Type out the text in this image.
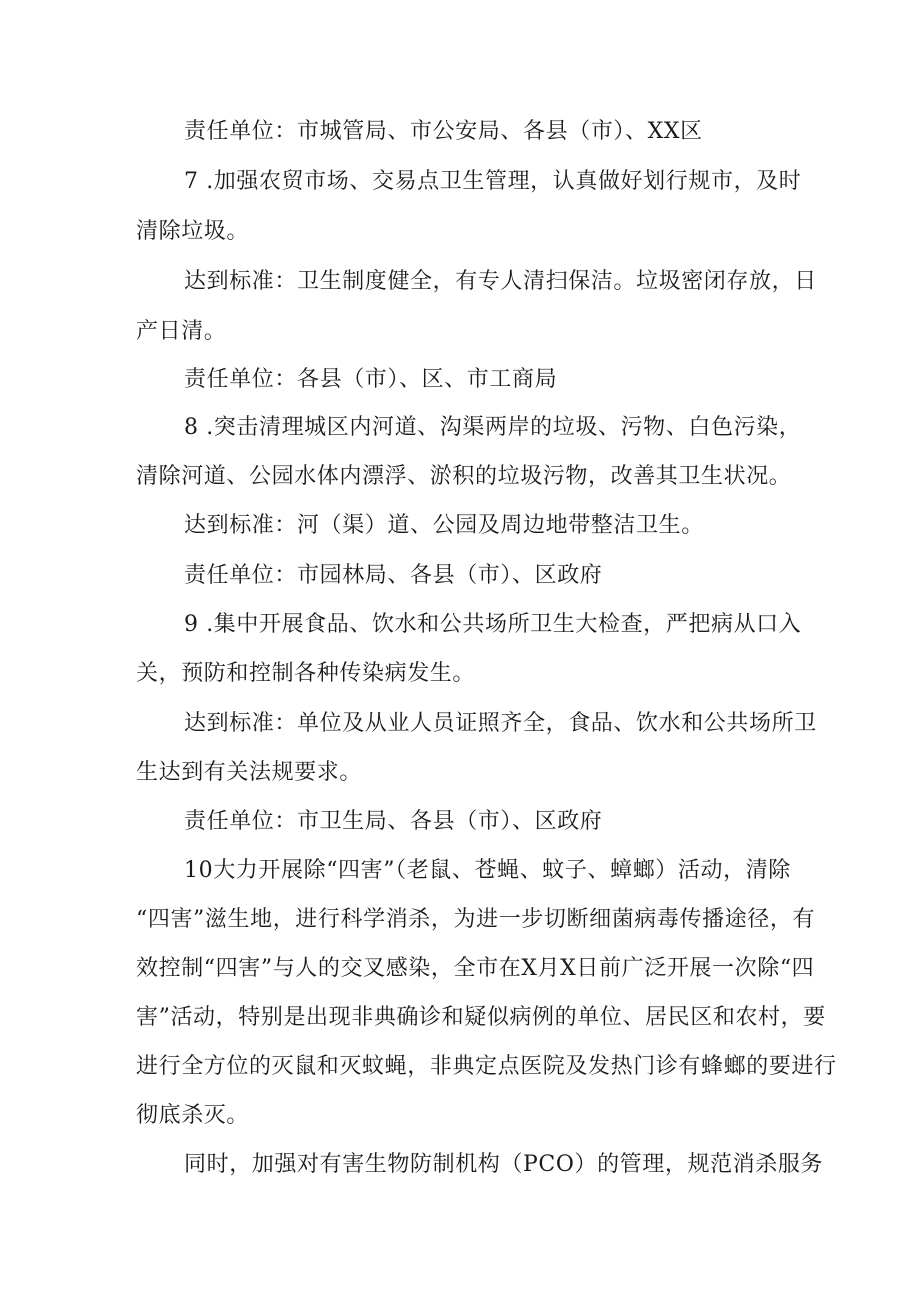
责任单位：市城管局、市公安局、各县（市）、XX区

7 .加强农贸市场、交易点卫生管理，认真做好划行规市，及时

清除垃圾。

达到标准：卫生制度健全，有专人清扫保洁。垃圾密闭存放，日

产日清。

责任单位：各县（市）、区、市工商局

8 .突击清理城区内河道、沟渠两岸的垃圾、污物、白色污染，

清除河道、公园水体内漂浮、淤积的垃圾污物，改善其卫生状况。

达到标准：河（渠）道、公园及周边地带整洁卫生。

责任单位：市园林局、各县（市）、区政府

9 .集中开展食品、饮水和公共场所卫生大检查，严把病从口入

关，预防和控制各种传染病发生。

达到标准：单位及从业人员证照齐全，食品、饮水和公共场所卫

生达到有关法规要求。

责任单位：市卫生局、各县（市）、区政府

10大力开展除“四害”（老鼠、苍蝇、蚊子、蟑螂）活动，清除

“四害”滋生地，进行科学消杀，为进一步切断细菌病毒传播途径，有

效控制“四害”与人的交叉感染，全市在X月X日前广泛开展一次除“四

害”活动，特别是出现非典确诊和疑似病例的单位、居民区和农村，要

进行全方位的灭鼠和灭蚊蝇，非典定点医院及发热门诊有蜂螂的要进行

彻底杀灭。

同时，加强对有害生物防制机构（PCO）的管理，规范消杀服务
